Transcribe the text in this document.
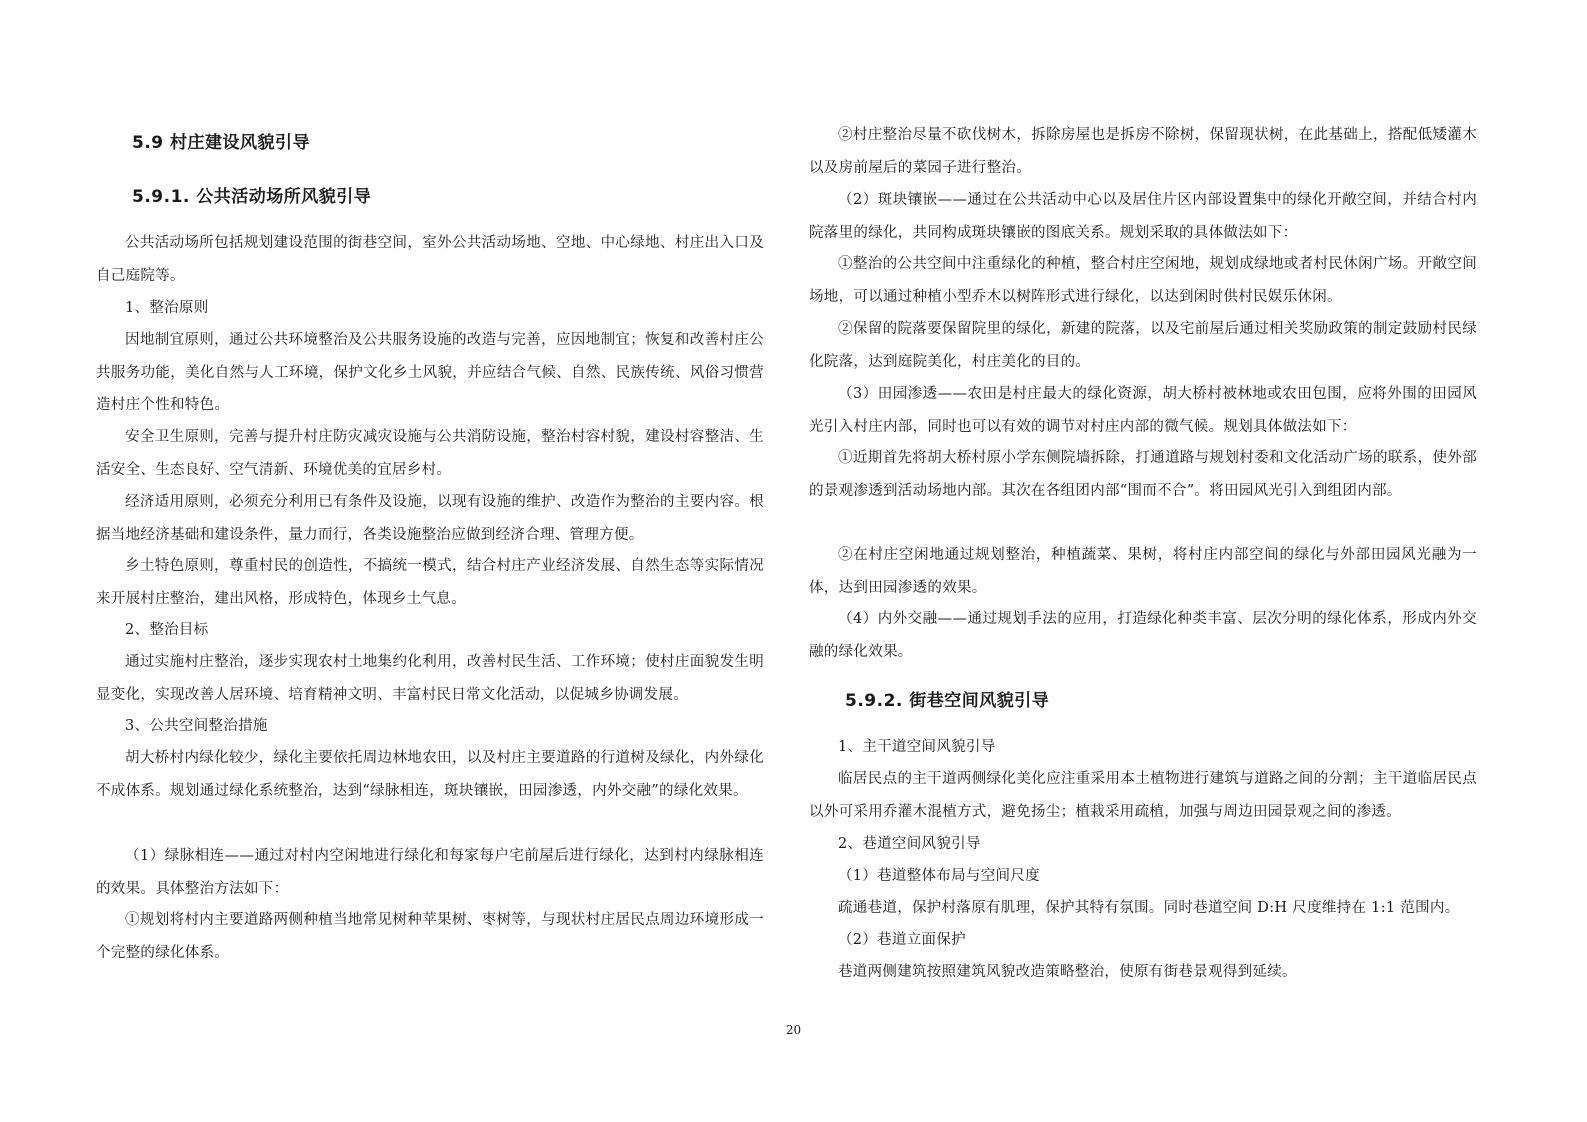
5.9 村庄建设风貌引导
5.9.1. 公共活动场所风貌引导
公共活动场所包括规划建设范围的街巷空间，室外公共活动场地、空地、中心绿地、村庄出入口及自己庭院等。
1、整治原则
因地制宜原则，通过公共环境整治及公共服务设施的改造与完善，应因地制宜；恢复和改善村庄公共服务功能，美化自然与人工环境，保护文化乡土风貌，并应结合气候、自然、民族传统、风俗习惯营造村庄个性和特色。
安全卫生原则，完善与提升村庄防灾减灾设施与公共消防设施，整治村容村貌，建设村容整洁、生活安全、生态良好、空气清新、环境优美的宜居乡村。
经济适用原则，必须充分利用已有条件及设施，以现有设施的维护、改造作为整治的主要内容。根据当地经济基础和建设条件，量力而行，各类设施整治应做到经济合理、管理方便。
乡土特色原则，尊重村民的创造性，不搞统一模式，结合村庄产业经济发展、自然生态等实际情况来开展村庄整治，建出风格，形成特色，体现乡土气息。
2、整治目标
通过实施村庄整治，逐步实现农村土地集约化利用，改善村民生活、工作环境；使村庄面貌发生明显变化，实现改善人居环境、培育精神文明、丰富村民日常文化活动，以促城乡协调发展。
3、公共空间整治措施
胡大桥村内绿化较少，绿化主要依托周边林地农田，以及村庄主要道路的行道树及绿化，内外绿化不成体系。规划通过绿化系统整治，达到“绿脉相连，斑块镶嵌，田园渗透，内外交融”的绿化效果。
（1）绿脉相连——通过对村内空闲地进行绿化和每家每户宅前屋后进行绿化，达到村内绿脉相连的效果。具体整治方法如下：
①规划将村内主要道路两侧种植当地常见树种苹果树、枣树等，与现状村庄居民点周边环境形成一个完整的绿化体系。
②村庄整治尽量不砍伐树木，拆除房屋也是拆房不除树，保留现状树，在此基础上，搭配低矮灌木以及房前屋后的菜园子进行整治。
（2）斑块镶嵌——通过在公共活动中心以及居住片区内部设置集中的绿化开敞空间，并结合村内院落里的绿化，共同构成斑块镶嵌的图底关系。规划采取的具体做法如下：
①整治的公共空间中注重绿化的种植，整合村庄空闲地，规划成绿地或者村民休闲广场。开敞空间场地，可以通过种植小型乔木以树阵形式进行绿化，以达到闲时供村民娱乐休闲。
②保留的院落要保留院里的绿化，新建的院落，以及宅前屋后通过相关奖励政策的制定鼓励村民绿化院落，达到庭院美化，村庄美化的目的。
（3）田园渗透——农田是村庄最大的绿化资源，胡大桥村被林地或农田包围，应将外围的田园风光引入村庄内部，同时也可以有效的调节对村庄内部的微气候。规划具体做法如下：
①近期首先将胡大桥村原小学东侧院墙拆除，打通道路与规划村委和文化活动广场的联系，使外部的景观渗透到活动场地内部。其次在各组团内部“围而不合”。将田园风光引入到组团内部。
②在村庄空闲地通过规划整治，种植蔬菜、果树，将村庄内部空间的绿化与外部田园风光融为一体，达到田园渗透的效果。
（4）内外交融——通过规划手法的应用，打造绿化种类丰富、层次分明的绿化体系，形成内外交融的绿化效果。
5.9.2. 街巷空间风貌引导
1、主干道空间风貌引导
临居民点的主干道两侧绿化美化应注重采用本土植物进行建筑与道路之间的分割；主干道临居民点以外可采用乔灌木混植方式，避免扬尘；植栽采用疏植，加强与周边田园景观之间的渗透。
2、巷道空间风貌引导
（1）巷道整体布局与空间尺度
疏通巷道，保护村落原有肌理，保护其特有氛围。同时巷道空间 D:H 尺度维持在 1:1 范围内。
（2）巷道立面保护
巷道两侧建筑按照建筑风貌改造策略整治，使原有街巷景观得到延续。
20
